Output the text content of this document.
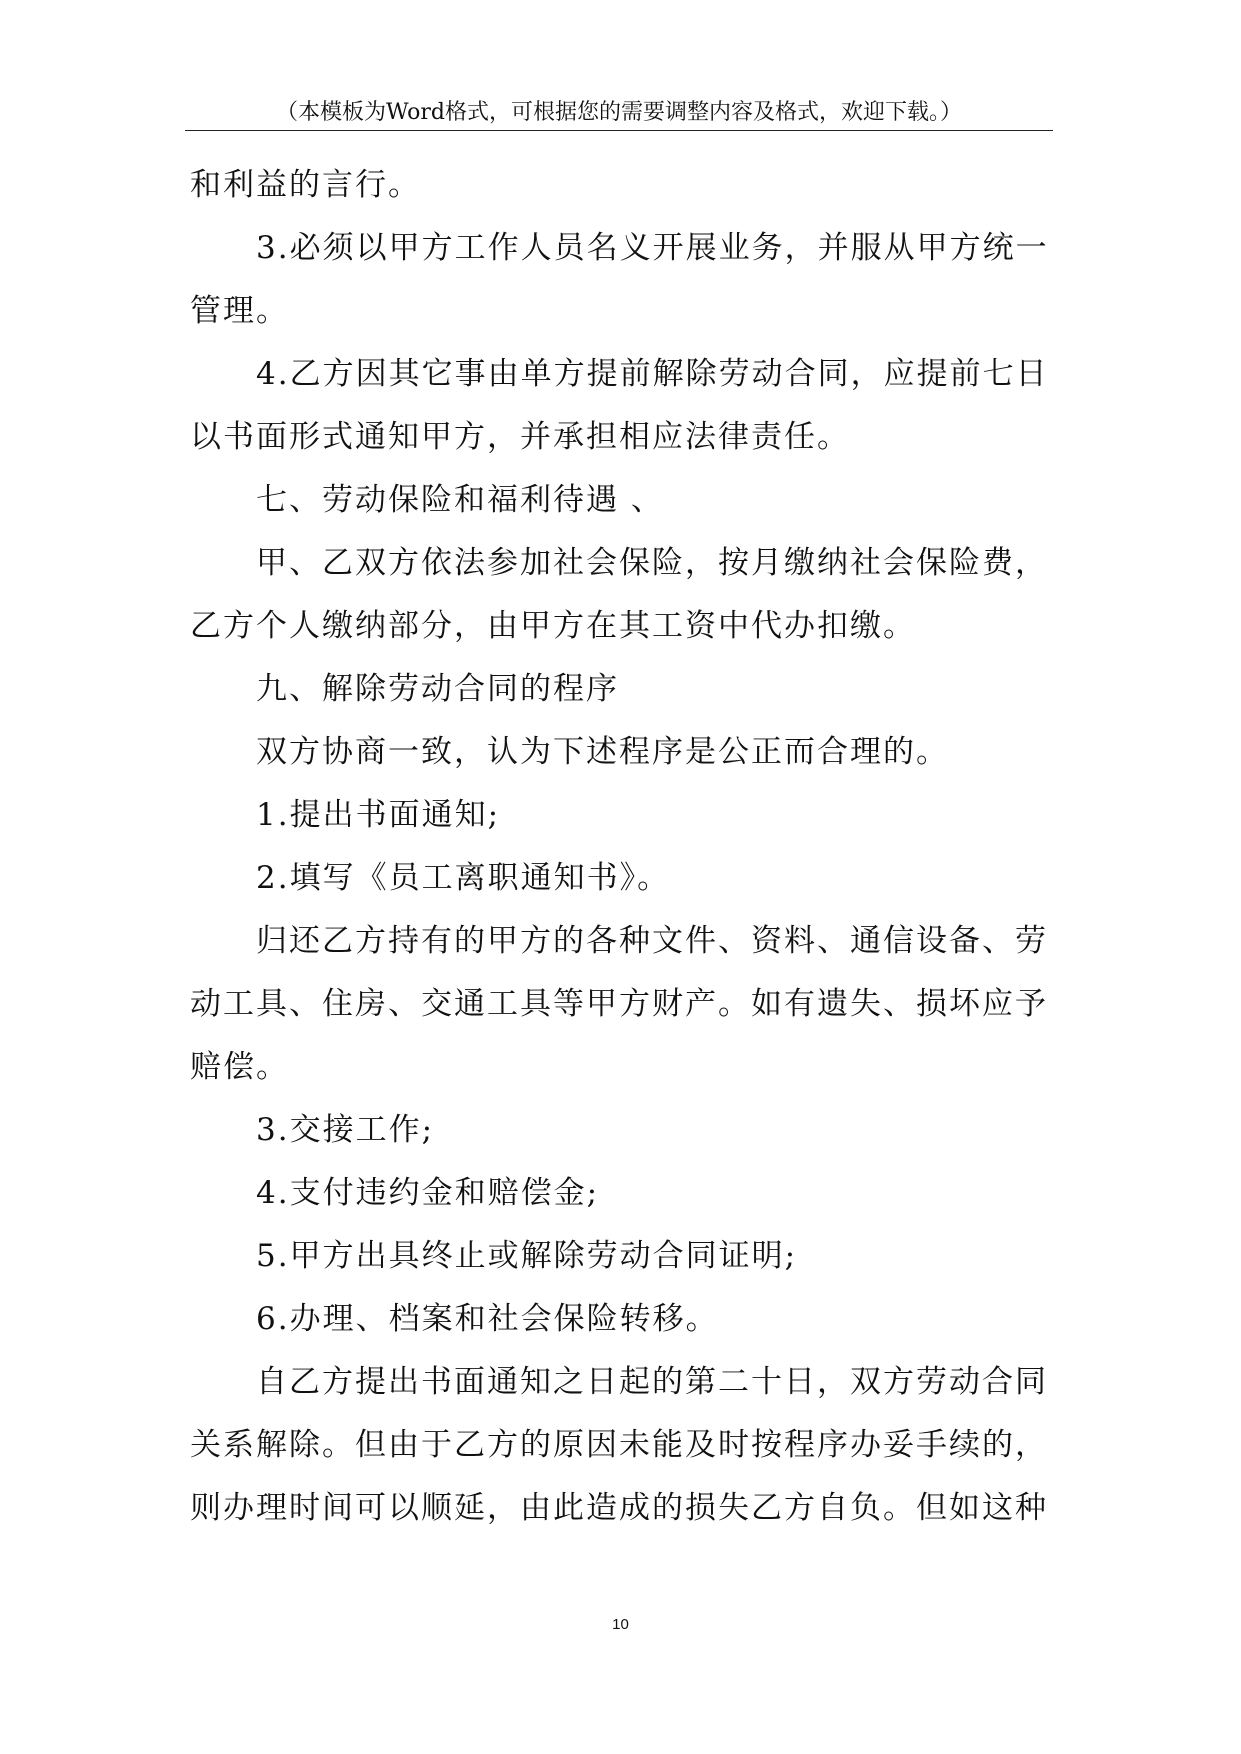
（本模板为Word格式，可根据您的需要调整内容及格式，欢迎下载。）

和利益的言行。

3.必须以甲方工作人员名义开展业务，并服从甲方统一

管理。

4.乙方因其它事由单方提前解除劳动合同，应提前七日

以书面形式通知甲方，并承担相应法律责任。

七、劳动保险和福利待遇 、

甲、乙双方依法参加社会保险，按月缴纳社会保险费，

乙方个人缴纳部分，由甲方在其工资中代办扣缴。

九、解除劳动合同的程序

双方协商一致，认为下述程序是公正而合理的。

1.提出书面通知;

2.填写《员工离职通知书》。

归还乙方持有的甲方的各种文件、资料、通信设备、劳

动工具、住房、交通工具等甲方财产。如有遗失、损坏应予

赔偿。

3.交接工作;

4.支付违约金和赔偿金;

5.甲方出具终止或解除劳动合同证明;

6.办理、档案和社会保险转移。

自乙方提出书面通知之日起的第二十日，双方劳动合同

关系解除。但由于乙方的原因未能及时按程序办妥手续的，

则办理时间可以顺延，由此造成的损失乙方自负。但如这种

10
